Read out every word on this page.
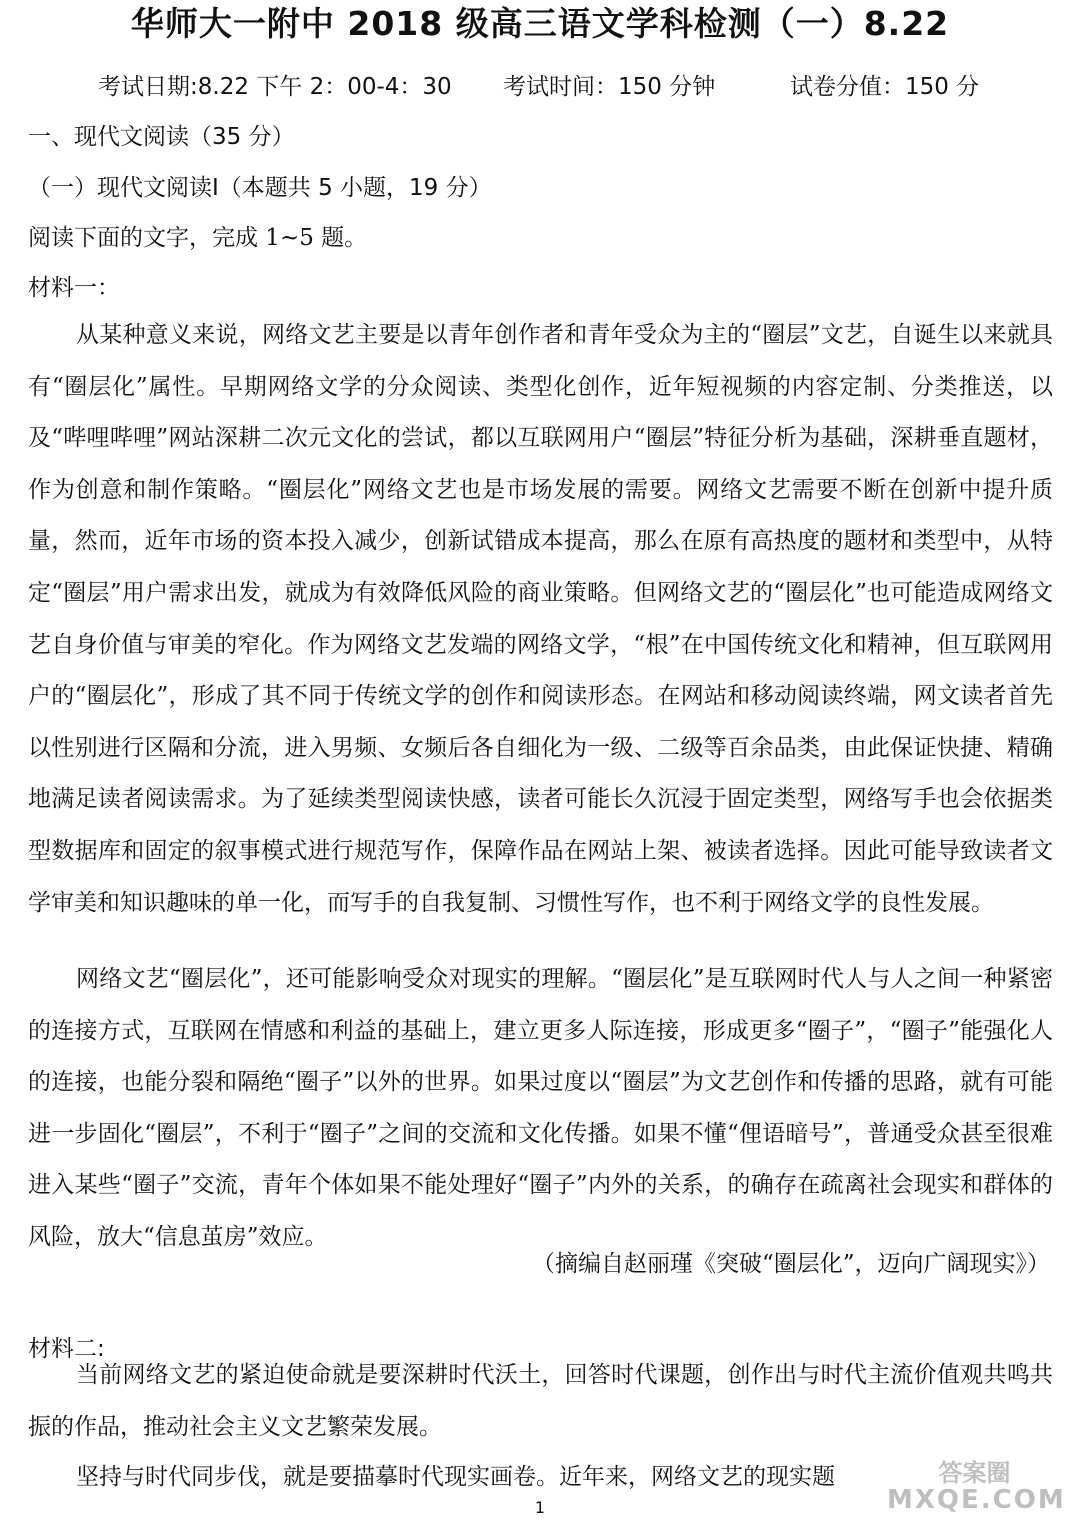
华师大一附中 2018 级高三语文学科检测（一）8.22
考试日期:8.22 下午 2：00-4：30 考试时间：150 分钟	试卷分值：150 分
一、现代文阅读（35 分）
（一）现代文阅读Ⅰ（本题共 5 小题，19 分）
阅读下面的文字，完成 1~5 题。
材料一：

从某种意义来说，网络文艺主要是以青年创作者和青年受众为主的“圈层”文艺，自诞生以来就具有“圈层化”属性。早期网络文学的分众阅读、类型化创作，近年短视频的内容定制、分类推送，以及“哔哩哔哩”网站深耕二次元文化的尝试，都以互联网用户“圈层”特征分析为基础，深耕垂直题材，作为创意和制作策略。“圈层化”网络文艺也是市场发展的需要。网络文艺需要不断在创新中提升质量，然而，近年市场的资本投入减少，创新试错成本提高，那么在原有高热度的题材和类型中，从特定“圈层”用户需求出发，就成为有效降低风险的商业策略。但网络文艺的“圈层化”也可能造成网络文艺自身价值与审美的窄化。作为网络文艺发端的网络文学，“根”在中国传统文化和精神，但互联网用户的“圈层化”，形成了其不同于传统文学的创作和阅读形态。在网站和移动阅读终端，网文读者首先以性别进行区隔和分流，进入男频、女频后各自细化为一级、二级等百余品类，由此保证快捷、精确地满足读者阅读需求。为了延续类型阅读快感，读者可能长久沉浸于固定类型，网络写手也会依据类型数据库和固定的叙事模式进行规范写作，保障作品在网站上架、被读者选择。因此可能导致读者文学审美和知识趣味的单一化，而写手的自我复制、习惯性写作，也不利于网络文学的良性发展。

网络文艺“圈层化”，还可能影响受众对现实的理解。“圈层化”是互联网时代人与人之间一种紧密的连接方式，互联网在情感和利益的基础上，建立更多人际连接，形成更多“圈子”，“圈子”能强化人的连接，也能分裂和隔绝“圈子”以外的世界。如果过度以“圈层”为文艺创作和传播的思路，就有可能进一步固化“圈层”，不利于“圈子”之间的交流和文化传播。如果不懂“俚语暗号”，普通受众甚至很难进入某些“圈子”交流，青年个体如果不能处理好“圈子”内外的关系，的确存在疏离社会现实和群体的风险，放大“信息茧房”效应。

（摘编自赵丽瑾《突破“圈层化”，迈向广阔现实》）
材料二:

当前网络文艺的紧迫使命就是要深耕时代沃土，回答时代课题，创作出与时代主流价值观共鸣共振的作品，推动社会主义文艺繁荣发展。

坚持与时代同步伐，就是要描摹时代现实画卷。近年来，网络文艺的现实题

1
答案圈
MXQE.COM
